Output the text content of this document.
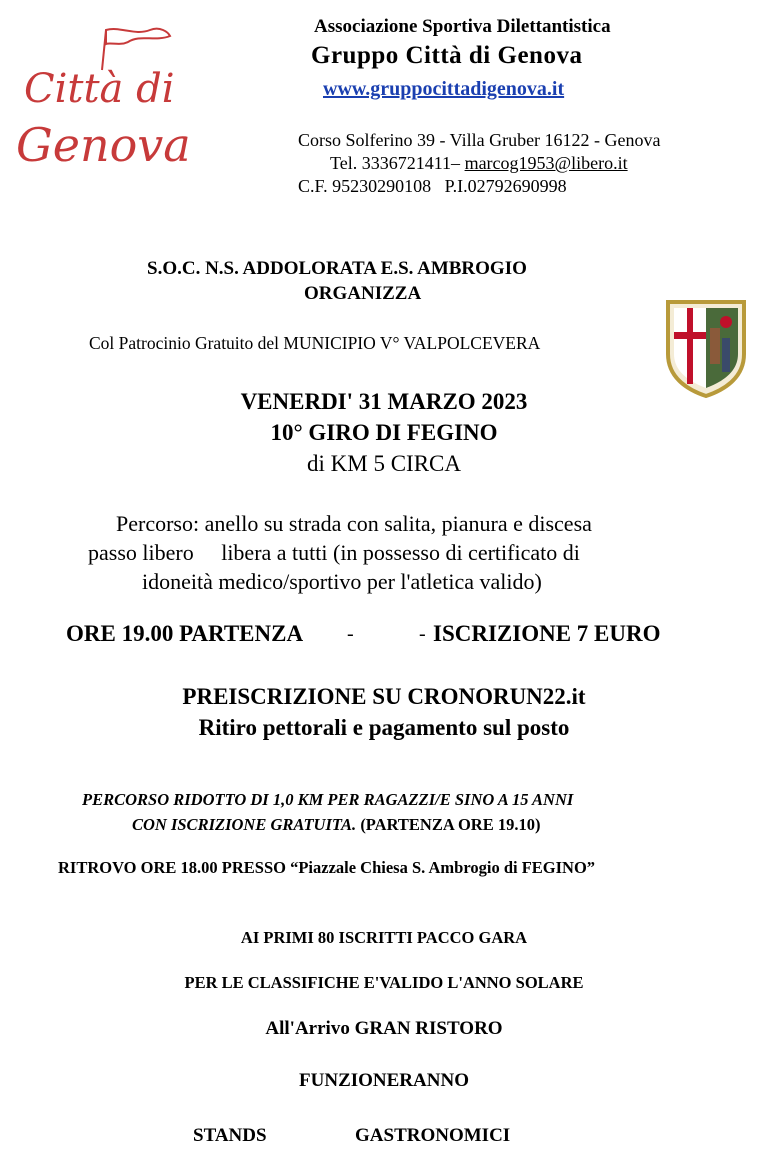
Città di
Genova
Associazione Sportiva Dilettantistica
Gruppo Città di Genova
www.gruppocittadigenova.it
Corso Solferino 39 - Villa Gruber 16122 - Genova
Tel. 3336721411– marcog1953@libero.it
C.F. 95230290108 P.I.02792690998
S.O.C. N.S. ADDOLORATA E.S. AMBROGIO
ORGANIZZA
Col Patrocinio Gratuito del MUNICIPIO V° VALPOLCEVERA
VENERDI' 31 MARZO 2023
10° GIRO DI FEGINO
di KM 5 CIRCA
Percorso: anello su strada con salita, pianura e discesa
passo libero libera a tutti (in possesso di certificato di
idoneità medico/sportivo per l'atletica valido)
ORE 19.00 PARTENZA -	- ISCRIZIONE 7 EURO
PREISCRIZIONE SU CRONORUN22.it
Ritiro pettorali e pagamento sul posto
PERCORSO RIDOTTO DI 1,0 KM PER RAGAZZI/E SINO A 15 ANNI
CON ISCRIZIONE GRATUITA. (PARTENZA ORE 19.10)
RITROVO ORE 18.00 PRESSO “Piazzale Chiesa S. Ambrogio di FEGINO”
AI PRIMI 80 ISCRITTI PACCO GARA
PER LE CLASSIFICHE E'VALIDO L'ANNO SOLARE
All'Arrivo GRAN RISTORO
FUNZIONERANNO
STANDS	GASTRONOMICI
